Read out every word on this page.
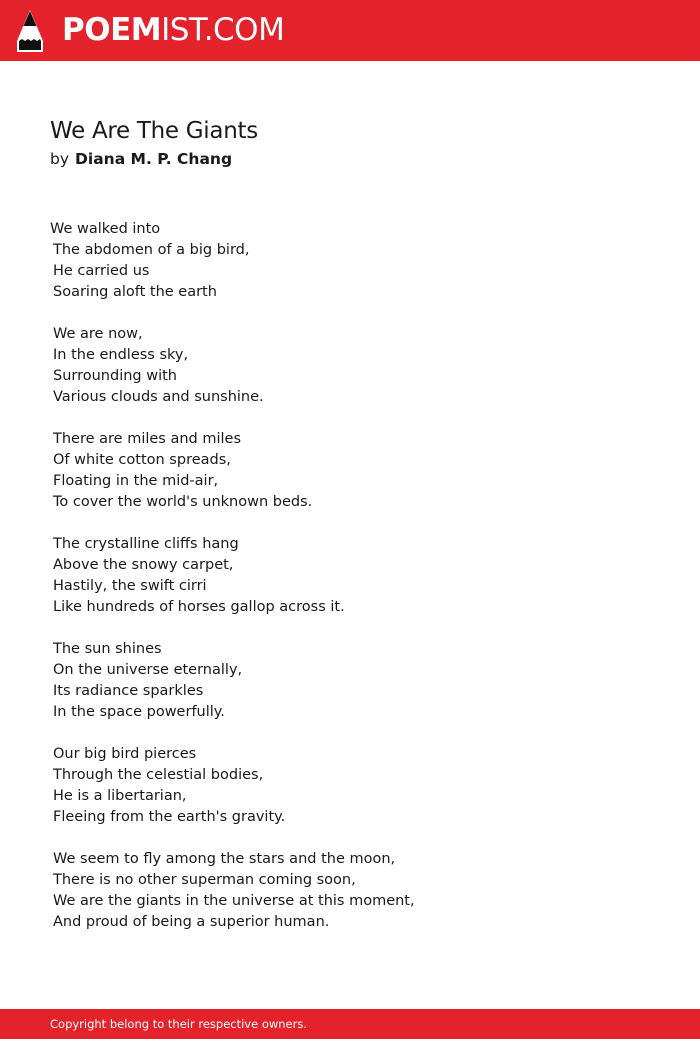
POEMIST.COM
We Are The Giants
by Diana M. P. Chang
We walked into
The abdomen of a big bird,
He carried us
Soaring aloft the earth
We are now,
In the endless sky,
Surrounding with
Various clouds and sunshine.
There are miles and miles
Of white cotton spreads,
Floating in the mid-air,
To cover the world's unknown beds.
The crystalline cliffs hang
Above the snowy carpet,
Hastily, the swift cirri
Like hundreds of horses gallop across it.
The sun shines
On the universe eternally,
Its radiance sparkles
In the space powerfully.
Our big bird pierces
Through the celestial bodies,
He is a libertarian,
Fleeing from the earth's gravity.
We seem to fly among the stars and the moon,
There is no other superman coming soon,
We are the giants in the universe at this moment,
And proud of being a superior human.
Copyright belong to their respective owners.
